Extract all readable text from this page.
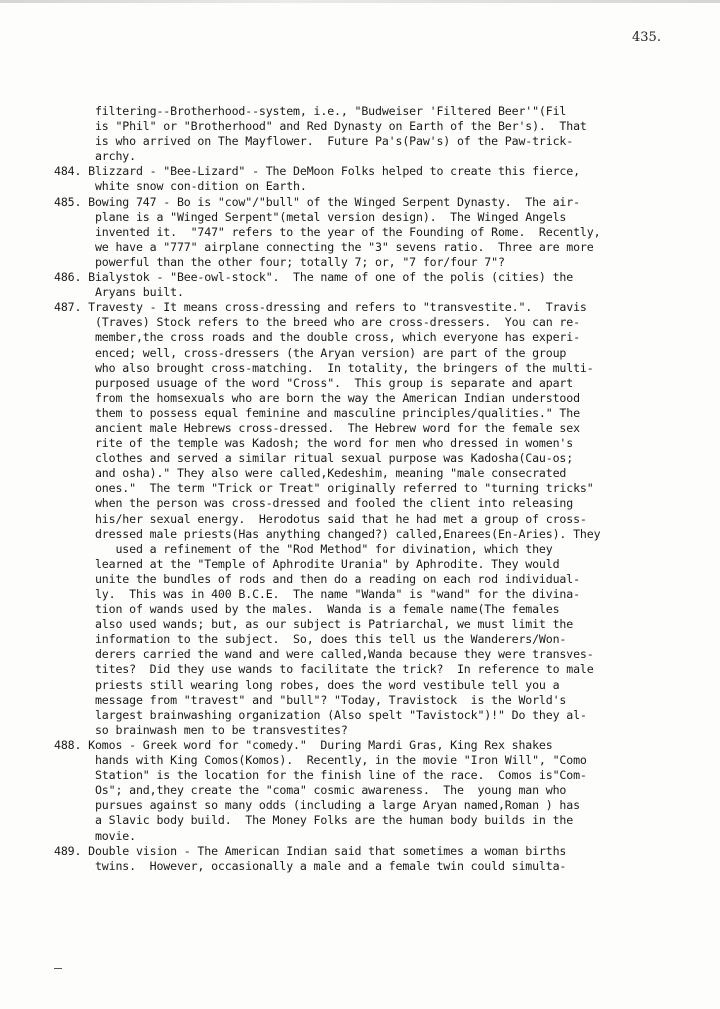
435.
filtering--Brotherhood--system, i.e., "Budweiser 'Filtered Beer'"(Fil
is "Phil" or "Brotherhood" and Red Dynasty on Earth of the Ber's).  That
is who arrived on The Mayflower.  Future Pa's(Paw's) of the Paw-trick-
archy.
484. Blizzard - "Bee-Lizard" - The DeMoon Folks helped to create this fierce,
white snow con-dition on Earth.
485. Bowing 747 - Bo is "cow"/"bull" of the Winged Serpent Dynasty.  The air-
plane is a "Winged Serpent"(metal version design).  The Winged Angels
invented it.  "747" refers to the year of the Founding of Rome.  Recently,
we have a "777" airplane connecting the "3" sevens ratio.  Three are more
powerful than the other four; totally 7; or, "7 for/four 7"?
486. Bialystok - "Bee-owl-stock".  The name of one of the polis (cities) the
Aryans built.
487. Travesty - It means cross-dressing and refers to "transvestite.".  Travis
(Traves) Stock refers to the breed who are cross-dressers.  You can re-
member,the cross roads and the double cross, which everyone has experi-
enced; well, cross-dressers (the Aryan version) are part of the group
who also brought cross-matching.  In totality, the bringers of the multi-
purposed usuage of the word "Cross".  This group is separate and apart
from the homsexuals who are born the way the American Indian understood
them to possess equal feminine and masculine principles/qualities." The
ancient male Hebrews cross-dressed.  The Hebrew word for the female sex
rite of the temple was Kadosh; the word for men who dressed in women's
clothes and served a similar ritual sexual purpose was Kadosha(Cau-os;
and osha)." They also were called,Kedeshim, meaning "male consecrated
ones."  The term "Trick or Treat" originally referred to "turning tricks"
when the person was cross-dressed and fooled the client into releasing
his/her sexual energy.  Herodotus said that he had met a group of cross-
dressed male priests(Has anything changed?) called,Enarees(En-Aries). They
used a refinement of the "Rod Method" for divination, which they
learned at the "Temple of Aphrodite Urania" by Aphrodite. They would
unite the bundles of rods and then do a reading on each rod individual-
ly.  This was in 400 B.C.E.  The name "Wanda" is "wand" for the divina-
tion of wands used by the males.  Wanda is a female name(The females
also used wands; but, as our subject is Patriarchal, we must limit the
information to the subject.  So, does this tell us the Wanderers/Won-
derers carried the wand and were called,Wanda because they were transves-
tites?  Did they use wands to facilitate the trick?  In reference to male
priests still wearing long robes, does the word vestibule tell you a
message from "travest" and "bull"? "Today, Travistock  is the World's
largest brainwashing organization (Also spelt "Tavistock")!" Do they al-
so brainwash men to be transvestites?
488. Komos - Greek word for "comedy."  During Mardi Gras, King Rex shakes
hands with King Comos(Komos).  Recently, in the movie "Iron Will", "Como
Station" is the location for the finish line of the race.  Comos is"Com-
Os"; and,they create the "coma" cosmic awareness.  The  young man who
pursues against so many odds (including a large Aryan named,Roman ) has
a Slavic body build.  The Money Folks are the human body builds in the
movie.
489. Double vision - The American Indian said that sometimes a woman births
twins.  However, occasionally a male and a female twin could simulta-
